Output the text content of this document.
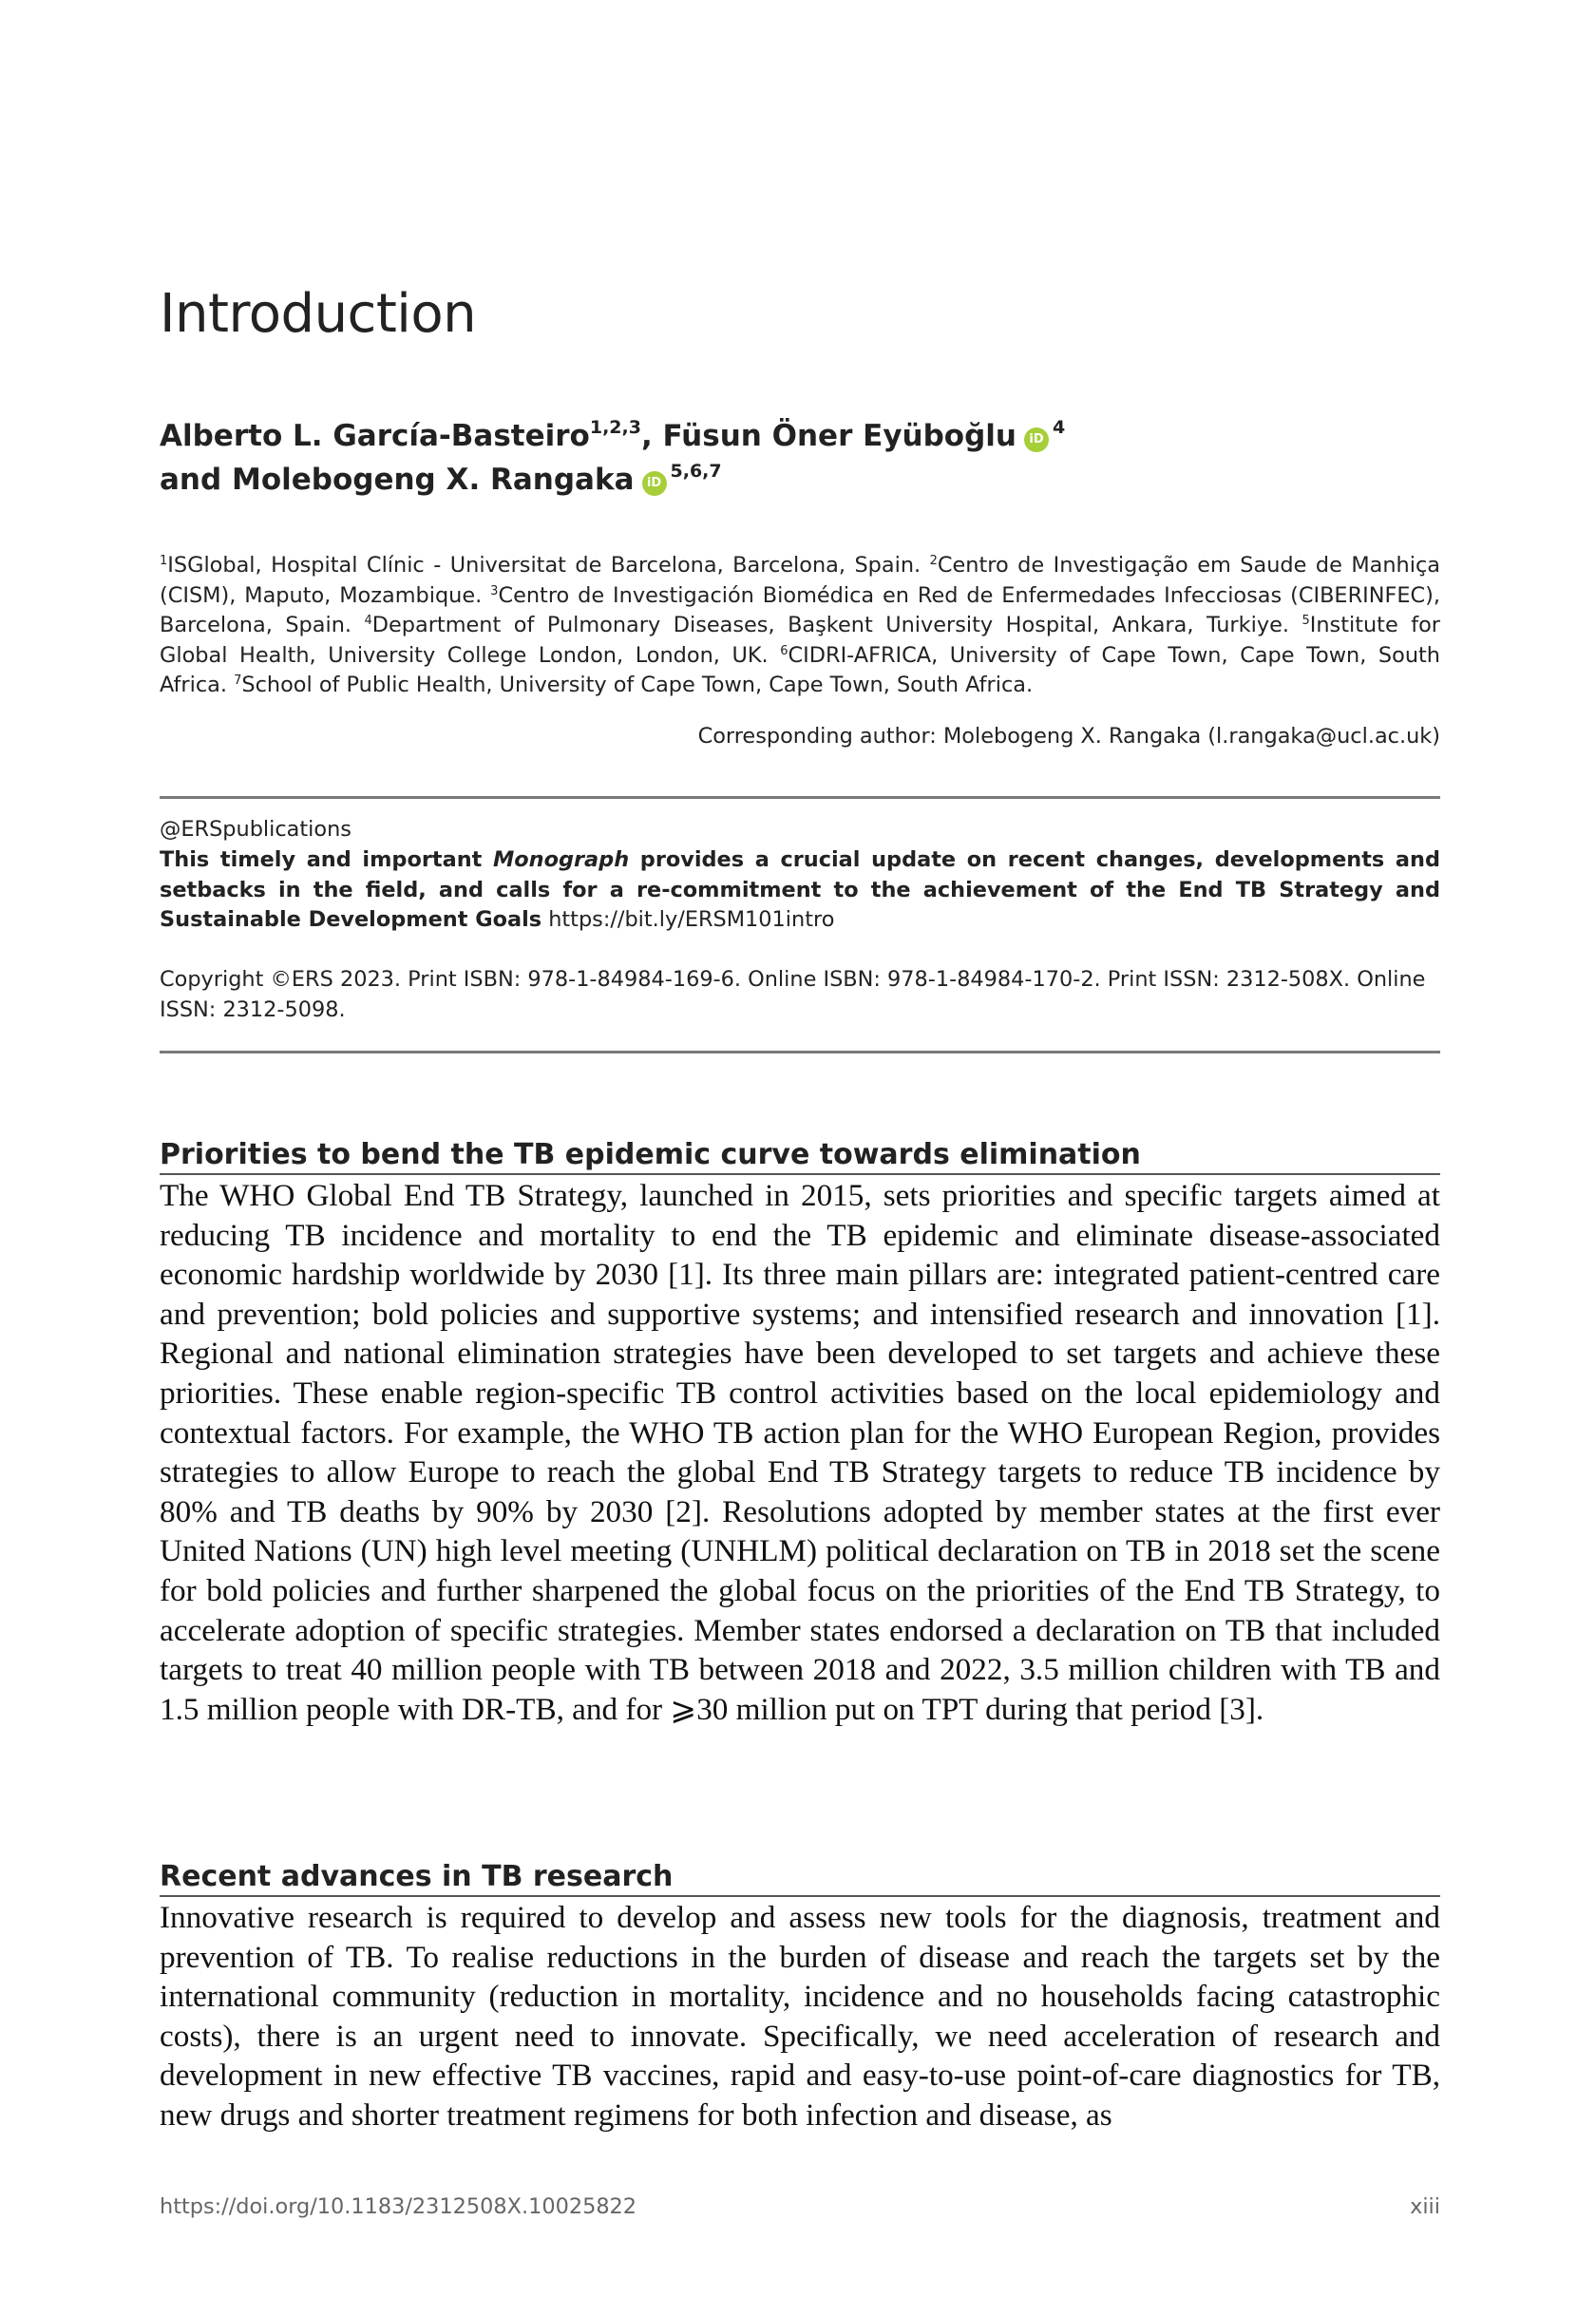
Introduction
Alberto L. García-Basteiro$^{1,2,3}$, Füsun Öner Eyüboğlu $iD^4$
and Molebogeng X. Rangaka iD$^{5,6,7}$
$^1$ISGlobal, Hospital Clínic - Universitat de Barcelona, Barcelona, Spain. $^2$Centro de Investigação em Saude de Manhiça (CISM), Maputo, Mozambique. $^3$Centro de Investigación Biomédica en Red de Enfermedades Infecciosas (CIBERINFEC), Barcelona, Spain. $^4$Department of Pulmonary Diseases, Başkent University Hospital, Ankara, Turkiye. $^5$Institute for Global Health, University College London, London, UK. $^6$CIDRI-AFRICA, University of Cape Town, Cape Town, South Africa. $^7$School of Public Health, University of Cape Town, Cape Town, South Africa.
Corresponding author: Molebogeng X. Rangaka (l.rangaka@ucl.ac.uk)
@ERSpublications
This timely and important Monograph provides a crucial update on recent changes, developments and setbacks in the field, and calls for a re-commitment to the achievement of the End TB Strategy and Sustainable Development Goals https://bit.ly/ERSM101intro
Copyright ©ERS 2023. Print ISBN: 978-1-84984-169-6. Online ISBN: 978-1-84984-170-2. Print ISSN: 2312-508X. Online ISSN: 2312-5098.
Priorities to bend the TB epidemic curve towards elimination
The WHO Global End TB Strategy, launched in 2015, sets priorities and specific targets aimed at reducing TB incidence and mortality to end the TB epidemic and eliminate disease-associated economic hardship worldwide by 2030 [1]. Its three main pillars are: integrated patient-centred care and prevention; bold policies and supportive systems; and intensified research and innovation [1]. Regional and national elimination strategies have been developed to set targets and achieve these priorities. These enable region-specific TB control activities based on the local epidemiology and contextual factors. For example, the WHO TB action plan for the WHO European Region, provides strategies to allow Europe to reach the global End TB Strategy targets to reduce TB incidence by 80% and TB deaths by 90% by 2030 [2]. Resolutions adopted by member states at the first ever United Nations (UN) high level meeting (UNHLM) political declaration on TB in 2018 set the scene for bold policies and further sharpened the global focus on the priorities of the End TB Strategy, to accelerate adoption of specific strategies. Member states endorsed a declaration on TB that included targets to treat 40 million people with TB between 2018 and 2022, 3.5 million children with TB and 1.5 million people with DR-TB, and for ⩾30 million put on TPT during that period [3].
Recent advances in TB research
Innovative research is required to develop and assess new tools for the diagnosis, treatment and prevention of TB. To realise reductions in the burden of disease and reach the targets set by the international community (reduction in mortality, incidence and no households facing catastrophic costs), there is an urgent need to innovate. Specifically, we need acceleration of research and development in new effective TB vaccines, rapid and easy-to-use point-of-care diagnostics for TB, new drugs and shorter treatment regimens for both infection and disease, as
https://doi.org/10.1183/2312508X.10025822	xiii
